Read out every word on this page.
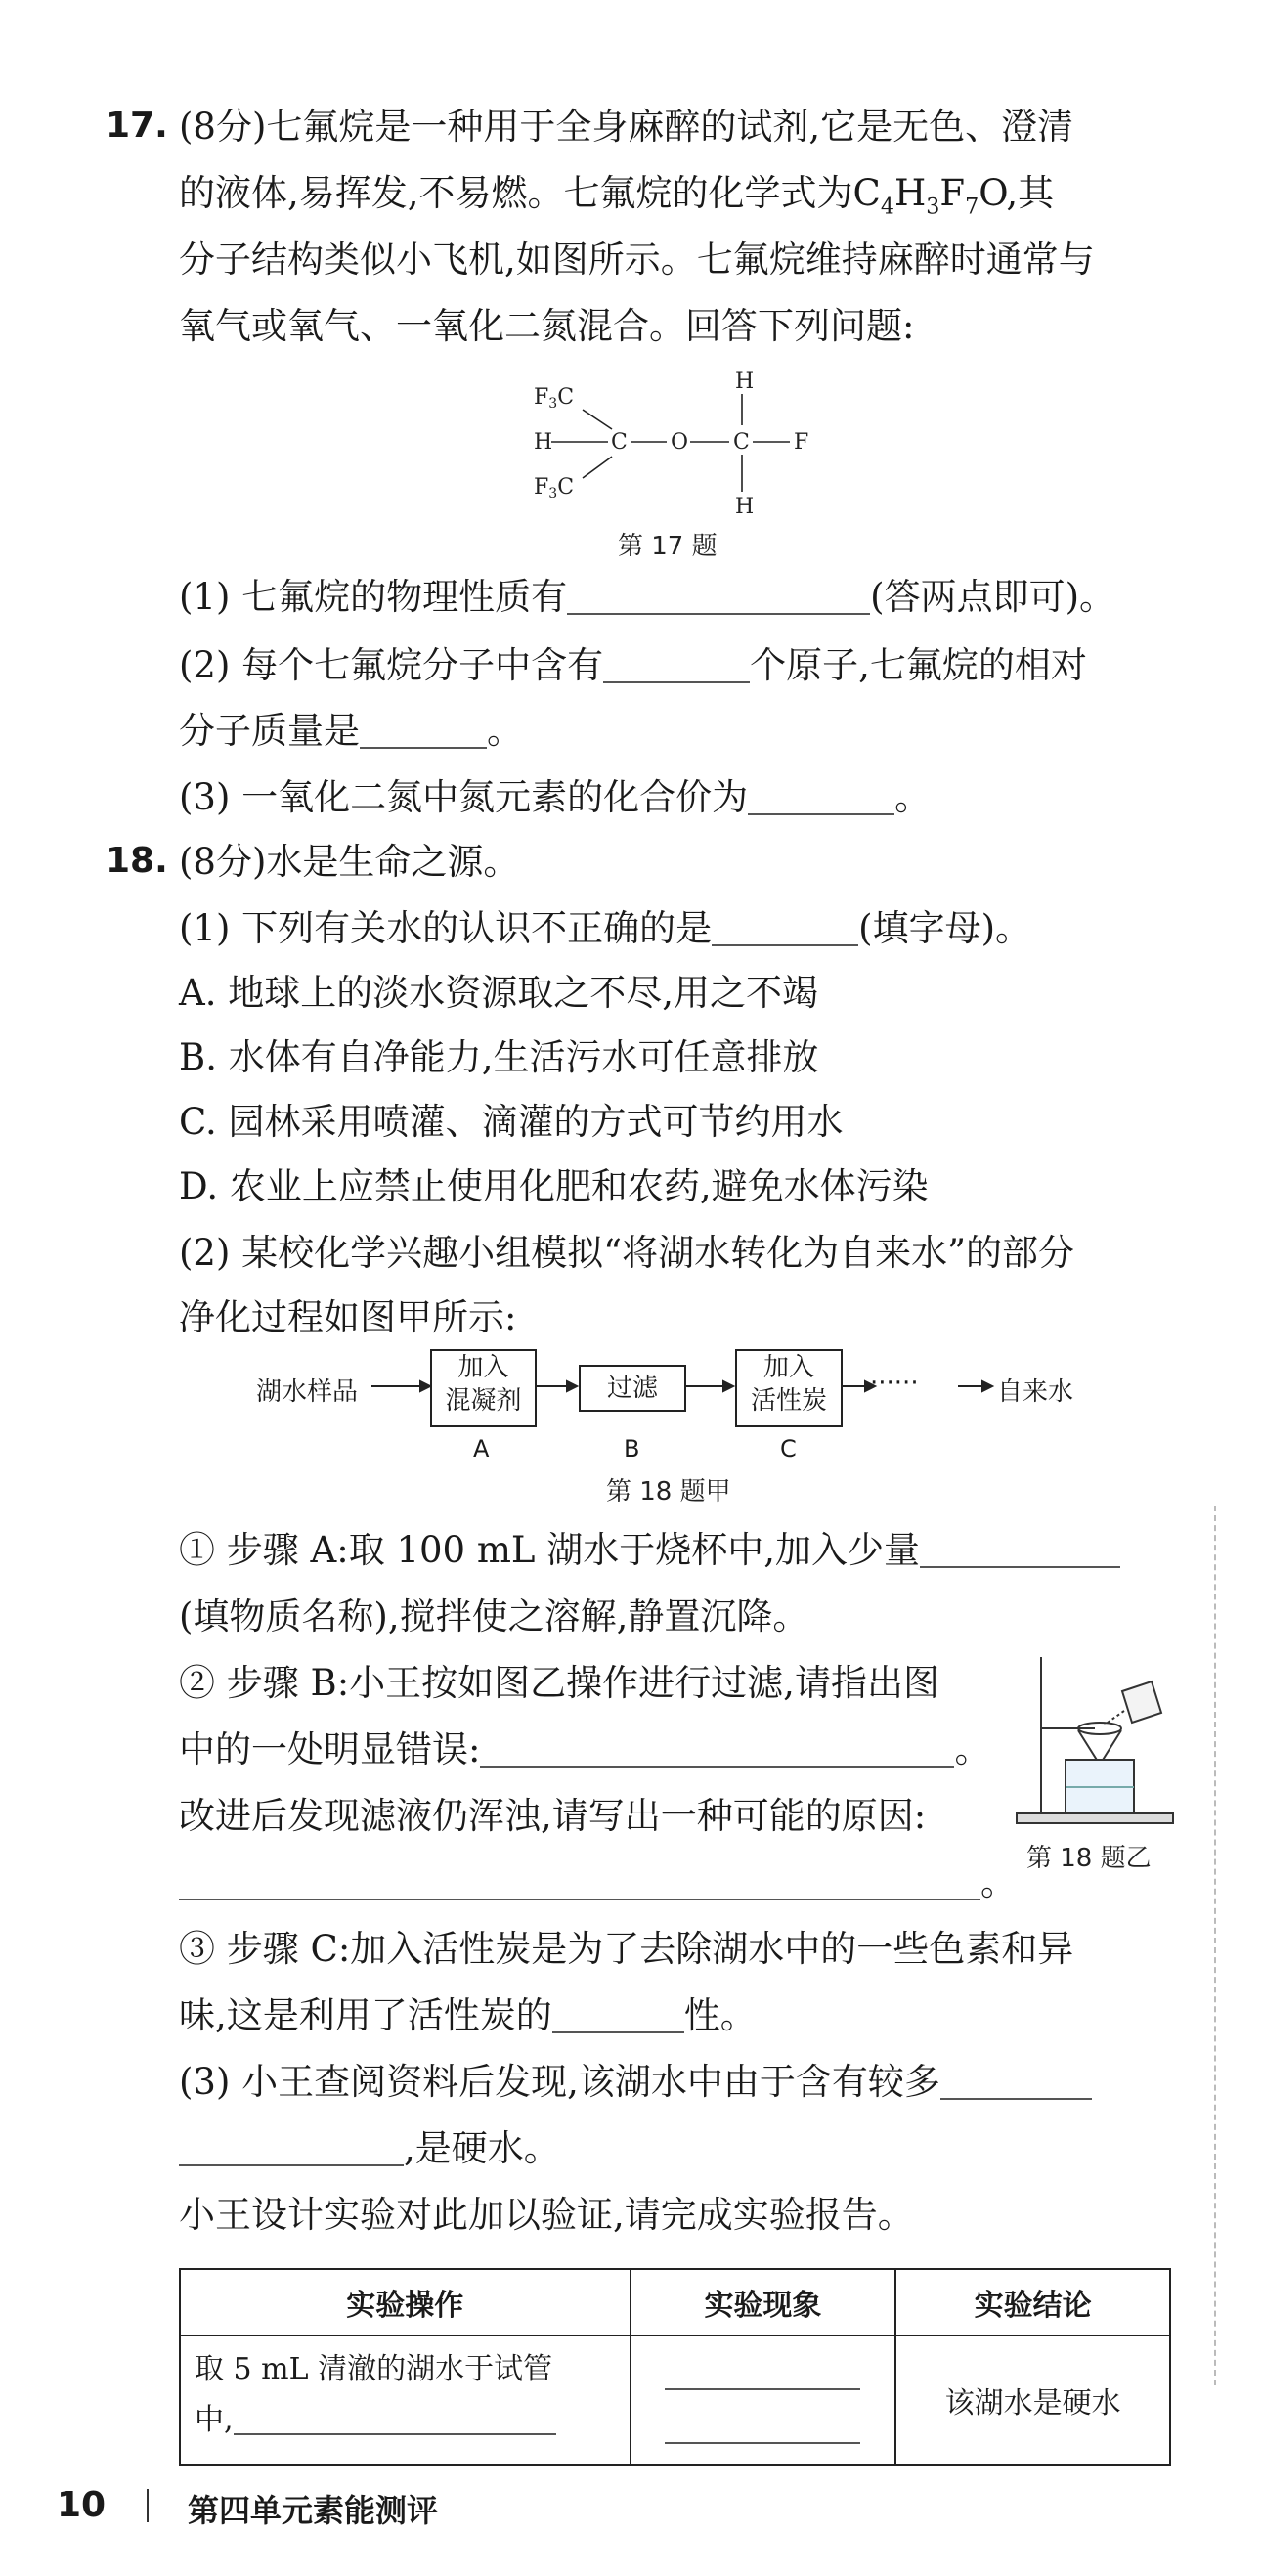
17. (8分)七氟烷是一种用于全身麻醉的试剂,它是无色、澄清
的液体,易挥发,不易燃。七氟烷的化学式为$C_4H_3F_7O$,其
分子结构类似小飞机,如图所示。七氟烷维持麻醉时通常与
氧气或氧气、一氧化二氮混合。回答下列问题:
F3C
F3C
H	C O C
H
H
F
第 17 题
(1) 七氟烷的物理性质有	(答两点即可)。
(2) 每个七氟烷分子中含有	个原子,七氟烷的相对
分子质量是	。
(3) 一氧化二氮中氮元素的化合价为	。
18. (8分)水是生命之源。
(1) 下列有关水的认识不正确的是	(填字母)。
A. 地球上的淡水资源取之不尽,用之不竭
B. 水体有自净能力,生活污水可任意排放
C. 园林采用喷灌、滴灌的方式可节约用水
D. 农业上应禁止使用化肥和农药,避免水体污染
(2) 某校化学兴趣小组模拟“将湖水转化为自来水”的部分
净化过程如图甲所示:
湖水样品
加入
混凝剂	过滤
加入
活性炭
······	自来水
A	B	C
第 18 题甲
① 步骤 A:取 100 mL 湖水于烧杯中,加入少量
(填物质名称),搅拌使之溶解,静置沉降。
② 步骤 B:小王按如图乙操作进行过滤,请指出图
中的一处明显错误:	。
改进后发现滤液仍浑浊,请写出一种可能的原因:
。
第 18 题乙
③ 步骤 C:加入活性炭是为了去除湖水中的一些色素和异
味,这是利用了活性炭的	性。
(3) 小王查阅资料后发现,该湖水中由于含有较多
,是硬水。
小王设计实验对此加以验证,请完成实验报告。
实验操作	实验现象	实验结论

取 5 mL 清澈的湖水于试管
中,		该湖水是硬水
10	第四单元素能测评
